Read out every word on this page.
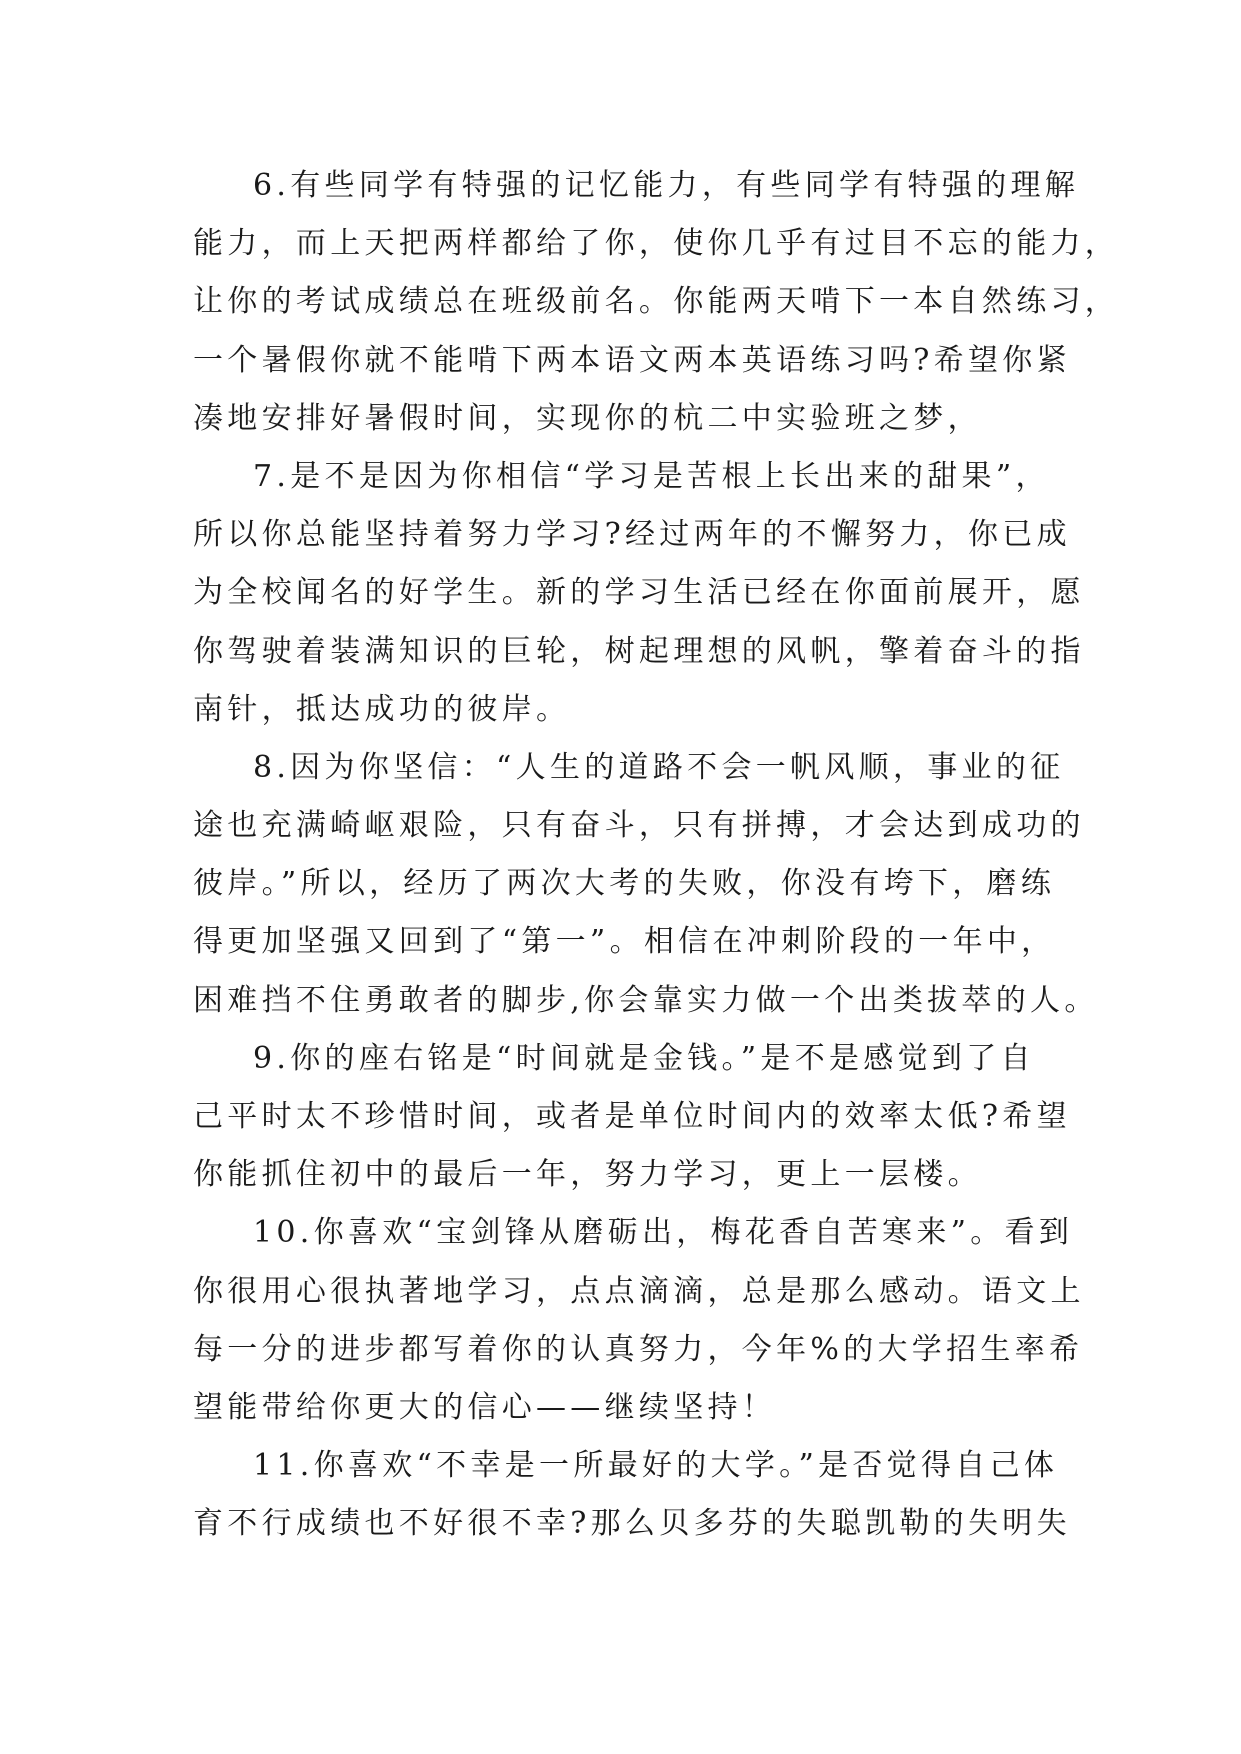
6.有些同学有特强的记忆能力，有些同学有特强的理解
能力，而上天把两样都给了你，使你几乎有过目不忘的能力，
让你的考试成绩总在班级前名。你能两天啃下一本自然练习，
一个暑假你就不能啃下两本语文两本英语练习吗?希望你紧
凑地安排好暑假时间，实现你的杭二中实验班之梦，
7.是不是因为你相信“学习是苦根上长出来的甜果”，
所以你总能坚持着努力学习?经过两年的不懈努力，你已成
为全校闻名的好学生。新的学习生活已经在你面前展开，愿
你驾驶着装满知识的巨轮，树起理想的风帆，擎着奋斗的指
南针，抵达成功的彼岸。
8.因为你坚信：“人生的道路不会一帆风顺，事业的征
途也充满崎岖艰险，只有奋斗，只有拼搏，才会达到成功的
彼岸。”所以，经历了两次大考的失败，你没有垮下，磨练
得更加坚强又回到了“第一”。相信在冲刺阶段的一年中，
困难挡不住勇敢者的脚步,你会靠实力做一个出类拔萃的人。
9.你的座右铭是“时间就是金钱。”是不是感觉到了自
己平时太不珍惜时间，或者是单位时间内的效率太低?希望
你能抓住初中的最后一年，努力学习，更上一层楼。
10.你喜欢“宝剑锋从磨砺出，梅花香自苦寒来”。看到
你很用心很执著地学习，点点滴滴，总是那么感动。语文上
每一分的进步都写着你的认真努力，今年%的大学招生率希
望能带给你更大的信心——继续坚持！
11.你喜欢“不幸是一所最好的大学。”是否觉得自己体
育不行成绩也不好很不幸?那么贝多芬的失聪凯勒的失明失
